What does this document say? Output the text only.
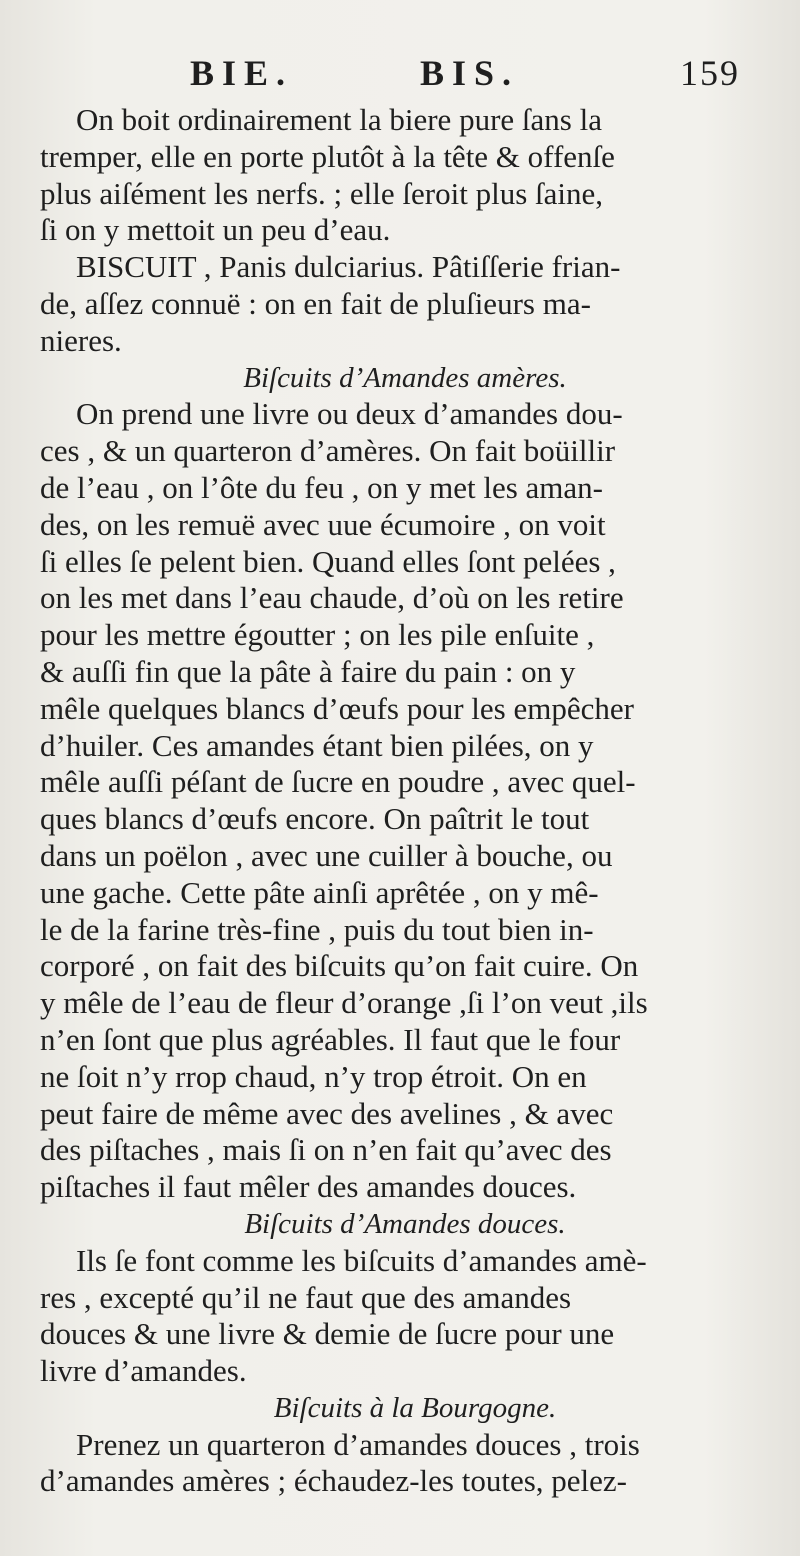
BIE.	BIS.	159
On boit ordinairement la biere pure ſans la
tremper, elle en porte plutôt à la tête & offenſe
plus aiſément les nerfs. ; elle ſeroit plus ſaine,
ſi on y mettoit un peu d’eau.
BISCUIT , Panis dulciarius. Pâtiſſerie frian-
de, aſſez connuë : on en fait de pluſieurs ma-
nieres.
Biſcuits d’Amandes amères.
On prend une livre ou deux d’amandes dou-
ces , & un quarteron d’amères. On fait boüillir
de l’eau , on l’ôte du feu , on y met les aman-
des, on les remuë avec uue écumoire , on voit
ſi elles ſe pelent bien. Quand elles ſont pelées ,
on les met dans l’eau chaude, d’où on les retire
pour les mettre égoutter ; on les pile enſuite ,
& auſſi fin que la pâte à faire du pain : on y
mêle quelques blancs d’œufs pour les empêcher
d’huiler. Ces amandes étant bien pilées, on y
mêle auſſi péſant de ſucre en poudre , avec quel-
ques blancs d’œufs encore. On paîtrit le tout
dans un poëlon , avec une cuiller à bouche, ou
une gache. Cette pâte ainſi aprêtée , on y mê-
le de la farine très-fine , puis du tout bien in-
corporé , on fait des biſcuits qu’on fait cuire. On
y mêle de l’eau de fleur d’orange ,ſi l’on veut ,ils
n’en ſont que plus agréables. Il faut que le four
ne ſoit n’y rrop chaud, n’y trop étroit. On en
peut faire de même avec des avelines , & avec
des piſtaches , mais ſi on n’en fait qu’avec des
piſtaches il faut mêler des amandes douces.
Biſcuits d’Amandes douces.
Ils ſe font comme les biſcuits d’amandes amè-
res , excepté qu’il ne faut que des amandes
douces & une livre & demie de ſucre pour une
livre d’amandes.
Biſcuits à la Bourgogne.
Prenez un quarteron d’amandes douces , trois
d’amandes amères ; échaudez-les toutes, pelez-
